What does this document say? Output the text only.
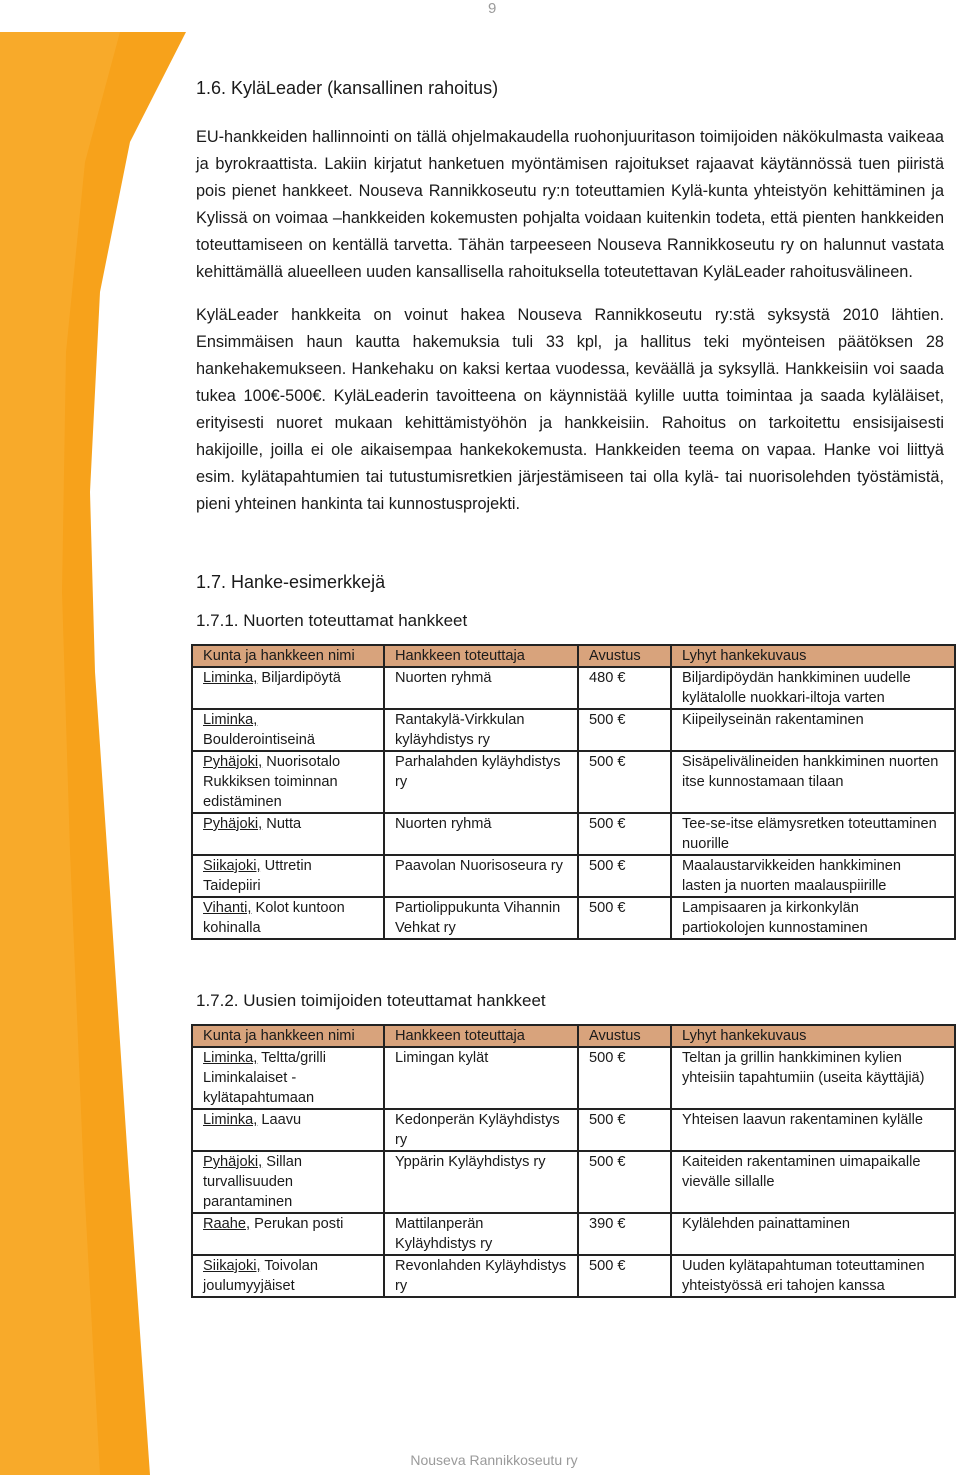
9
1.6. KyläLeader (kansallinen rahoitus)

EU-hankkeiden hallinnointi on tällä ohjelmakaudella ruohonjuuritason toimijoiden näkökulmasta vaikeaa ja byrokraattista. Lakiin kirjatut hanketuen myöntämisen rajoitukset rajaavat käytännössä tuen piiristä pois pienet hankkeet. Nouseva Rannikkoseutu ry:n toteuttamien Kylä-kunta yhteistyön kehittäminen ja Kylissä on voimaa –hankkeiden kokemusten pohjalta voidaan kuitenkin todeta, että pienten hankkeiden toteuttamiseen on kentällä tarvetta. Tähän tarpeeseen Nouseva Rannikkoseutu ry on halunnut vastata kehittämällä alueelleen uuden kansallisella rahoituksella toteutettavan KyläLeader rahoitusvälineen.

KyläLeader hankkeita on voinut hakea Nouseva Rannikkoseutu ry:stä syksystä 2010 lähtien. Ensimmäisen haun kautta hakemuksia tuli 33 kpl, ja hallitus teki myönteisen päätöksen 28 hankehakemukseen. Hankehaku on kaksi kertaa vuodessa, keväällä ja syksyllä. Hankkeisiin voi saada tukea 100€-500€. KyläLeaderin tavoitteena on käynnistää kylille uutta toimintaa ja saada kyläläiset, erityisesti nuoret mukaan kehittämistyöhön ja hankkeisiin. Rahoitus on tarkoitettu ensisijaisesti hakijoille, joilla ei ole aikaisempaa hankekokemusta. Hankkeiden teema on vapaa. Hanke voi liittyä esim. kylätapahtumien tai tutustumisretkien järjestämiseen tai olla kylä- tai nuorisolehden työstämistä, pieni yhteinen hankinta tai kunnostusprojekti.

1.7. Hanke-esimerkkejä
1.7.1. Nuorten toteuttamat hankkeet
Kunta ja hankkeen nimi	Hankkeen toteuttaja	Avustus	Lyhyt hankekuvaus
Liminka, Biljardipöytä	Nuorten ryhmä	480 €	Biljardipöydän hankkiminen uudelle kylätalolle nuokkari-iltoja varten
Liminka, Boulderointiseinä	Rantakylä-Virkkulan kyläyhdistys ry	500 €	Kiipeilyseinän rakentaminen
Pyhäjoki, Nuorisotalo Rukkiksen toiminnan edistäminen	Parhalahden kyläyhdistys ry	500 €	Sisäpelivälineiden hankkiminen nuorten itse kunnostamaan tilaan
Pyhäjoki, Nutta	Nuorten ryhmä	500 €	Tee-se-itse elämysretken toteuttaminen nuorille
Siikajoki, Uttretin Taidepiiri	Paavolan Nuorisoseura ry	500 €	Maalaustarvikkeiden hankkiminen lasten ja nuorten maalauspiirille
Vihanti, Kolot kuntoon kohinalla	Partiolippukunta Vihannin Vehkat ry	500 €	Lampisaaren ja kirkonkylän partiokolojen kunnostaminen
1.7.2. Uusien toimijoiden toteuttamat hankkeet
Kunta ja hankkeen nimi	Hankkeen toteuttaja	Avustus	Lyhyt hankekuvaus
Liminka, Teltta/grilli Liminkalaiset - kylätapahtumaan	Limingan kylät	500 €	Teltan ja grillin hankkiminen kylien yhteisiin tapahtumiin (useita käyttäjiä)
Liminka, Laavu	Kedonperän Kyläyhdistys ry	500 €	Yhteisen laavun rakentaminen kylälle
Pyhäjoki, Sillan turvallisuuden parantaminen	Yppärin Kyläyhdistys ry	500 €	Kaiteiden rakentaminen uimapaikalle vievälle sillalle
Raahe, Perukan posti	Mattilanperän Kyläyhdistys ry	390 €	Kylälehden painattaminen
Siikajoki, Toivolan joulumyyjäiset	Revonlahden Kyläyhdistys ry	500 €	Uuden kylätapahtuman toteuttaminen yhteistyössä eri tahojen kanssa
Nouseva Rannikkoseutu ry
